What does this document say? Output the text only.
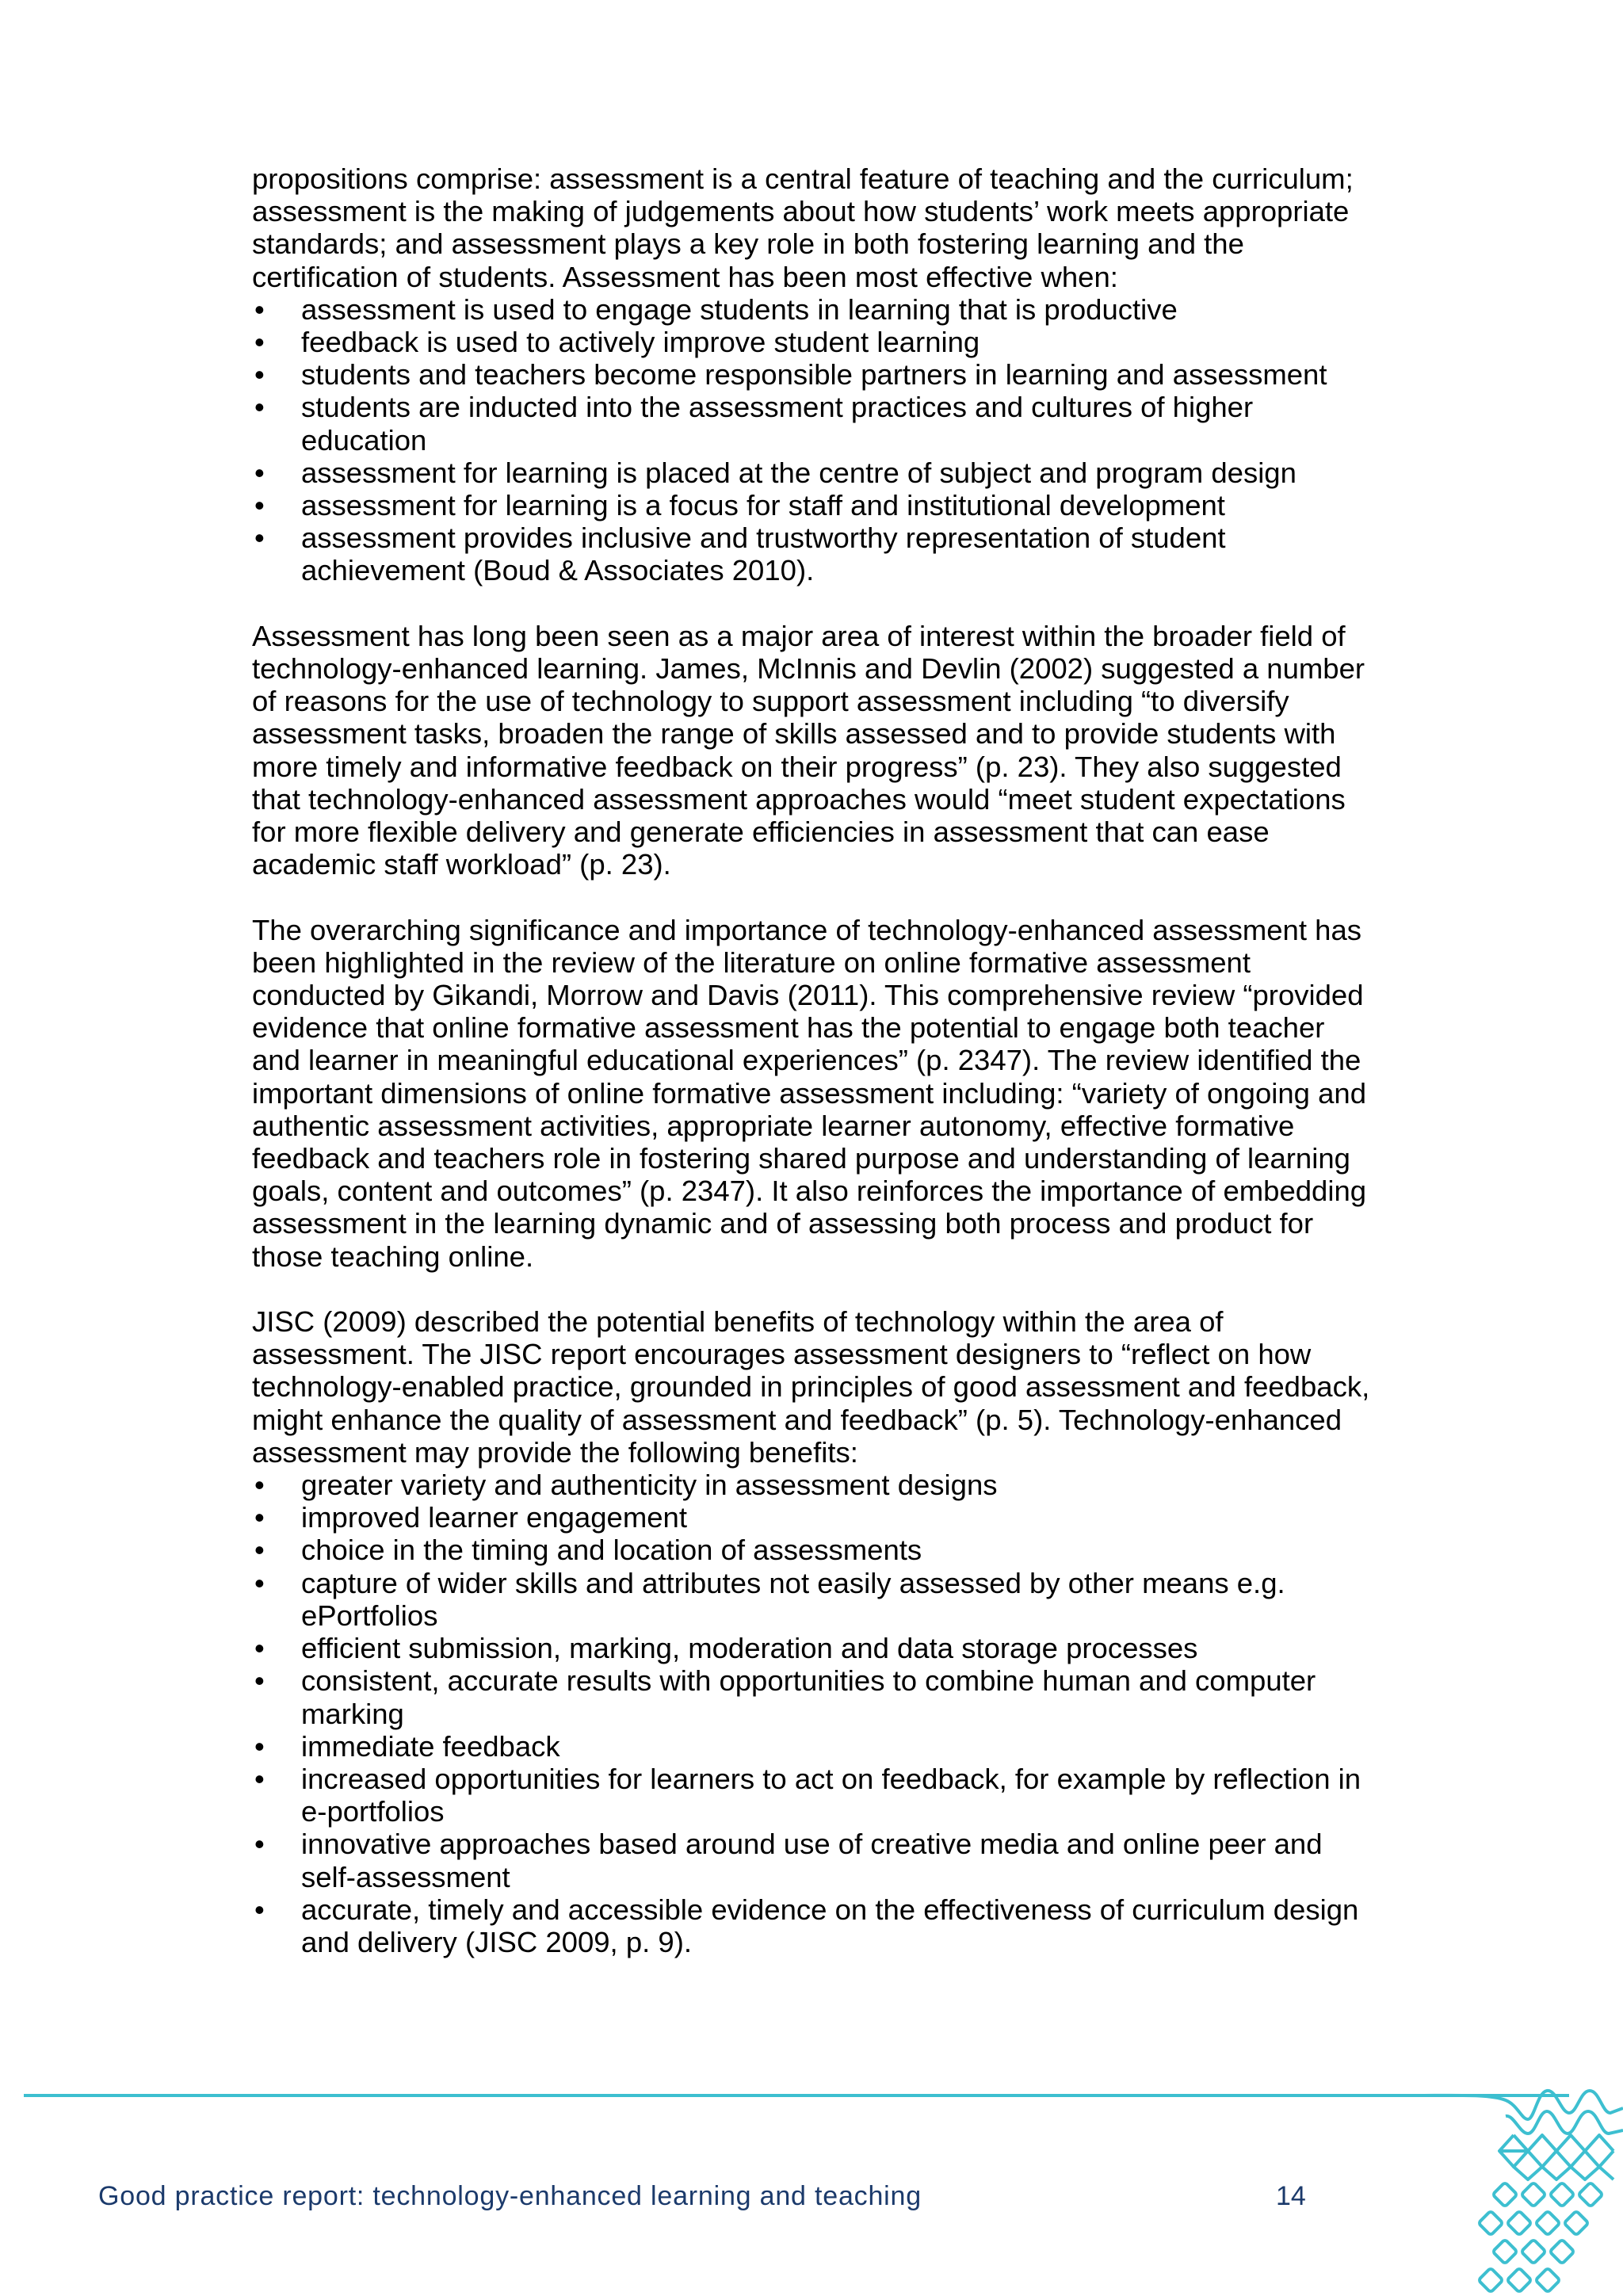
propositions comprise: assessment is a central feature of teaching and the curriculum; assessment is the making of judgements about how students’ work meets appropriate standards; and assessment plays a key role in both fostering learning and the certification of students. Assessment has been most effective when:

•	assessment is used to engage students in learning that is productive
•	feedback is used to actively improve student learning
•	students and teachers become responsible partners in learning and assessment
•	students are inducted into the assessment practices and cultures of higher education
•	assessment for learning is placed at the centre of subject and program design
•	assessment for learning is a focus for staff and institutional development
•	assessment provides inclusive and trustworthy representation of student achievement (Boud & Associates 2010).

Assessment has long been seen as a major area of interest within the broader field of technology-enhanced learning. James, McInnis and Devlin (2002) suggested a number of reasons for the use of technology to support assessment including “to diversify assessment tasks, broaden the range of skills assessed and to provide students with more timely and informative feedback on their progress” (p. 23). They also suggested that technology-enhanced assessment approaches would “meet student expectations for more flexible delivery and generate efficiencies in assessment that can ease academic staff workload” (p. 23).

The overarching significance and importance of technology-enhanced assessment has been highlighted in the review of the literature on online formative assessment conducted by Gikandi, Morrow and Davis (2011). This comprehensive review “provided evidence that online formative assessment has the potential to engage both teacher and learner in meaningful educational experiences” (p. 2347). The review identified the important dimensions of online formative assessment including: “variety of ongoing and authentic assessment activities, appropriate learner autonomy, effective formative feedback and teachers role in fostering shared purpose and understanding of learning goals, content and outcomes” (p. 2347). It also reinforces the importance of embedding assessment in the learning dynamic and of assessing both process and product for those teaching online.

JISC (2009) described the potential benefits of technology within the area of assessment. The JISC report encourages assessment designers to “reflect on how technology-enabled practice, grounded in principles of good assessment and feedback, might enhance the quality of assessment and feedback” (p. 5). Technology-enhanced assessment may provide the following benefits:

•	greater variety and authenticity in assessment designs
•	improved learner engagement
•	choice in the timing and location of assessments
•	capture of wider skills and attributes not easily assessed by other means e.g. ePortfolios
•	efficient submission, marking, moderation and data storage processes
•	consistent, accurate results with opportunities to combine human and computer marking
•	immediate feedback
•	increased opportunities for learners to act on feedback, for example by reflection in e-portfolios
•	innovative approaches based around use of creative media and online peer and self-assessment
•	accurate, timely and accessible evidence on the effectiveness of curriculum design and delivery (JISC 2009, p. 9).
Good practice report: technology-enhanced learning and teaching	14
